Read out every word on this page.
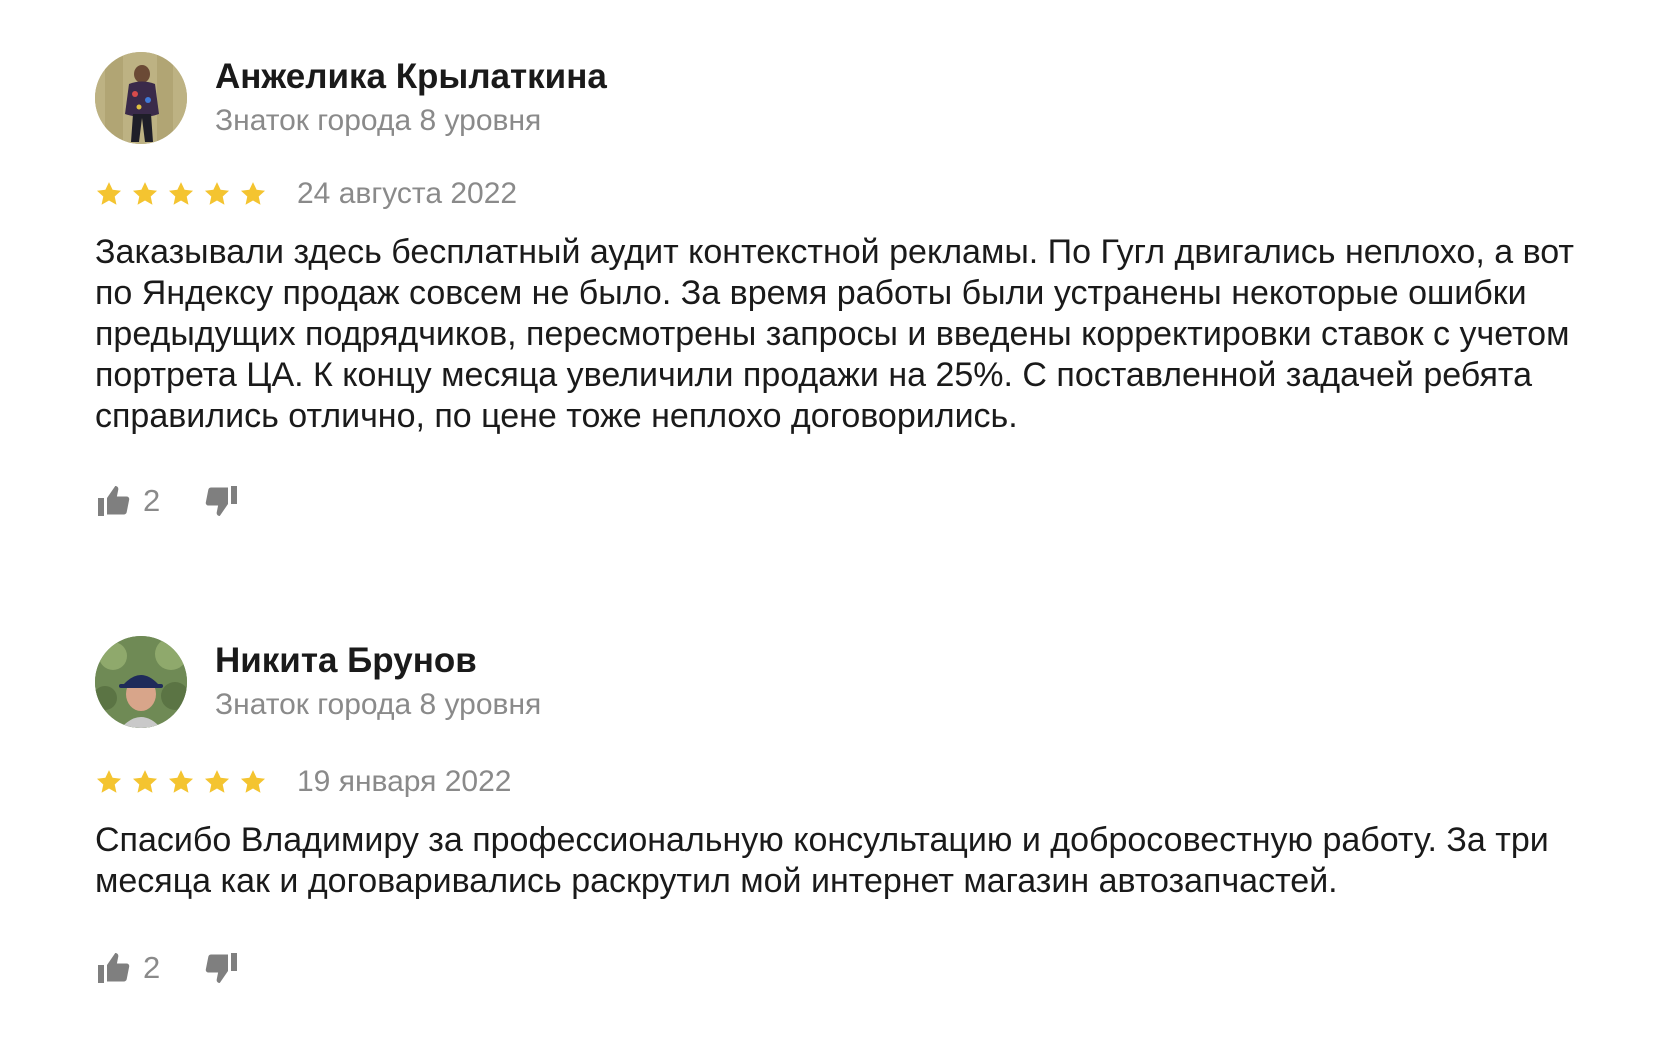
Анжелика Крылаткина
Знаток города 8 уровня
24 августа 2022
Заказывали здесь бесплатный аудит контекстной рекламы. По Гугл двигались неплохо, а вот по Яндексу продаж совсем не было. За время работы были устранены некоторые ошибки предыдущих подрядчиков, пересмотрены запросы и введены корректировки ставок с учетом портрета ЦА. К концу месяца увеличили продажи на 25%. С поставленной задачей ребята справились отлично, по цене тоже неплохо договорились.
2
Никита Брунов
Знаток города 8 уровня
19 января 2022
Спасибо Владимиру за профессиональную консультацию и добросовестную работу. За три месяца как и договаривались раскрутил мой интернет магазин автозапчастей.
2
